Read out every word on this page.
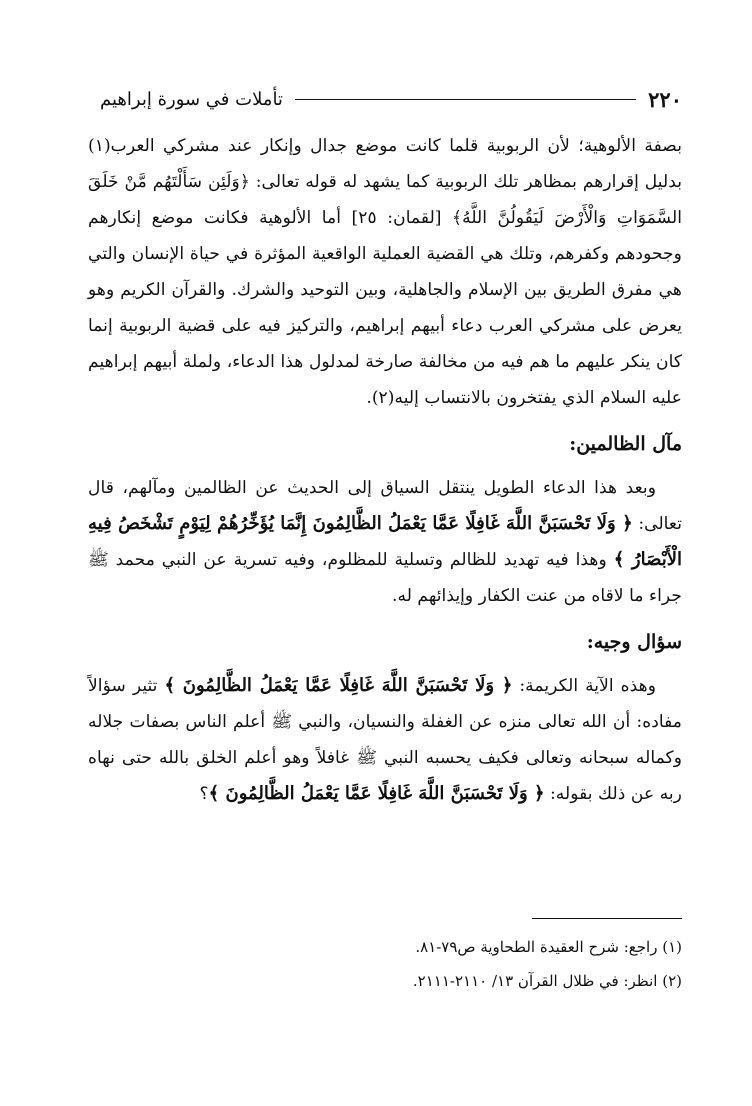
٢٢٠
تأملات في سورة إبراهيم

بصفة الألوهية؛ لأن الربوبية قلما كانت موضع جدال وإنكار عند مشركي العرب(١) بدليل إقرارهم بمظاهر تلك الربوبية كما يشهد له قوله تعالى: ﴿وَلَئِن سَأَلْتَهُم مَّنْ خَلَقَ السَّمَوَاتِ وَالْأَرْضَ لَيَقُولُنَّ اللَّهُ﴾ [لقمان: ٢٥] أما الألوهية فكانت موضع إنكارهم وجحودهم وكفرهم، وتلك هي القضية العملية الواقعية المؤثرة في حياة الإنسان والتي هي مفرق الطريق بين الإسلام والجاهلية، وبين التوحيد والشرك. والقرآن الكريم وهو يعرض على مشركي العرب دعاء أبيهم إبراهيم، والتركيز فيه على قضية الربوبية إنما كان ينكر عليهم ما هم فيه من مخالفة صارخة لمدلول هذا الدعاء، ولملة أبيهم إبراهيم عليه السلام الذي يفتخرون بالانتساب إليه(٢).

مآل الظالمين:

وبعد هذا الدعاء الطويل ينتقل السياق إلى الحديث عن الظالمين ومآلهم، قال تعالى: ﴿ وَلَا تَحْسَبَنَّ اللَّهَ غَافِلًا عَمَّا يَعْمَلُ الظَّالِمُونَ إِنَّمَا يُؤَخِّرُهُمْ لِيَوْمٍ تَشْخَصُ فِيهِ الْأَبْصَارُ ﴾ وهذا فيه تهديد للظالم وتسلية للمظلوم، وفيه تسرية عن النبي محمد ﷺ جراء ما لاقاه من عنت الكفار وإيذائهم له.

سؤال وجيه:

وهذه الآية الكريمة: ﴿ وَلَا تَحْسَبَنَّ اللَّهَ غَافِلًا عَمَّا يَعْمَلُ الظَّالِمُونَ ﴾ تثير سؤالاً مفاده: أن الله تعالى منزه عن الغفلة والنسيان، والنبي ﷺ أعلم الناس بصفات جلاله وكماله سبحانه وتعالى فكيف يحسبه النبي ﷺ غافلاً وهو أعلم الخلق بالله حتى نهاه ربه عن ذلك بقوله: ﴿ وَلَا تَحْسَبَنَّ اللَّهَ غَافِلًا عَمَّا يَعْمَلُ الظَّالِمُونَ ﴾؟

(١) راجع: شرح العقيدة الطحاوية ص٧٩-٨١.

(٢) انظر: في ظلال القرآن ١٣/ ٢١١٠-٢١١١.
